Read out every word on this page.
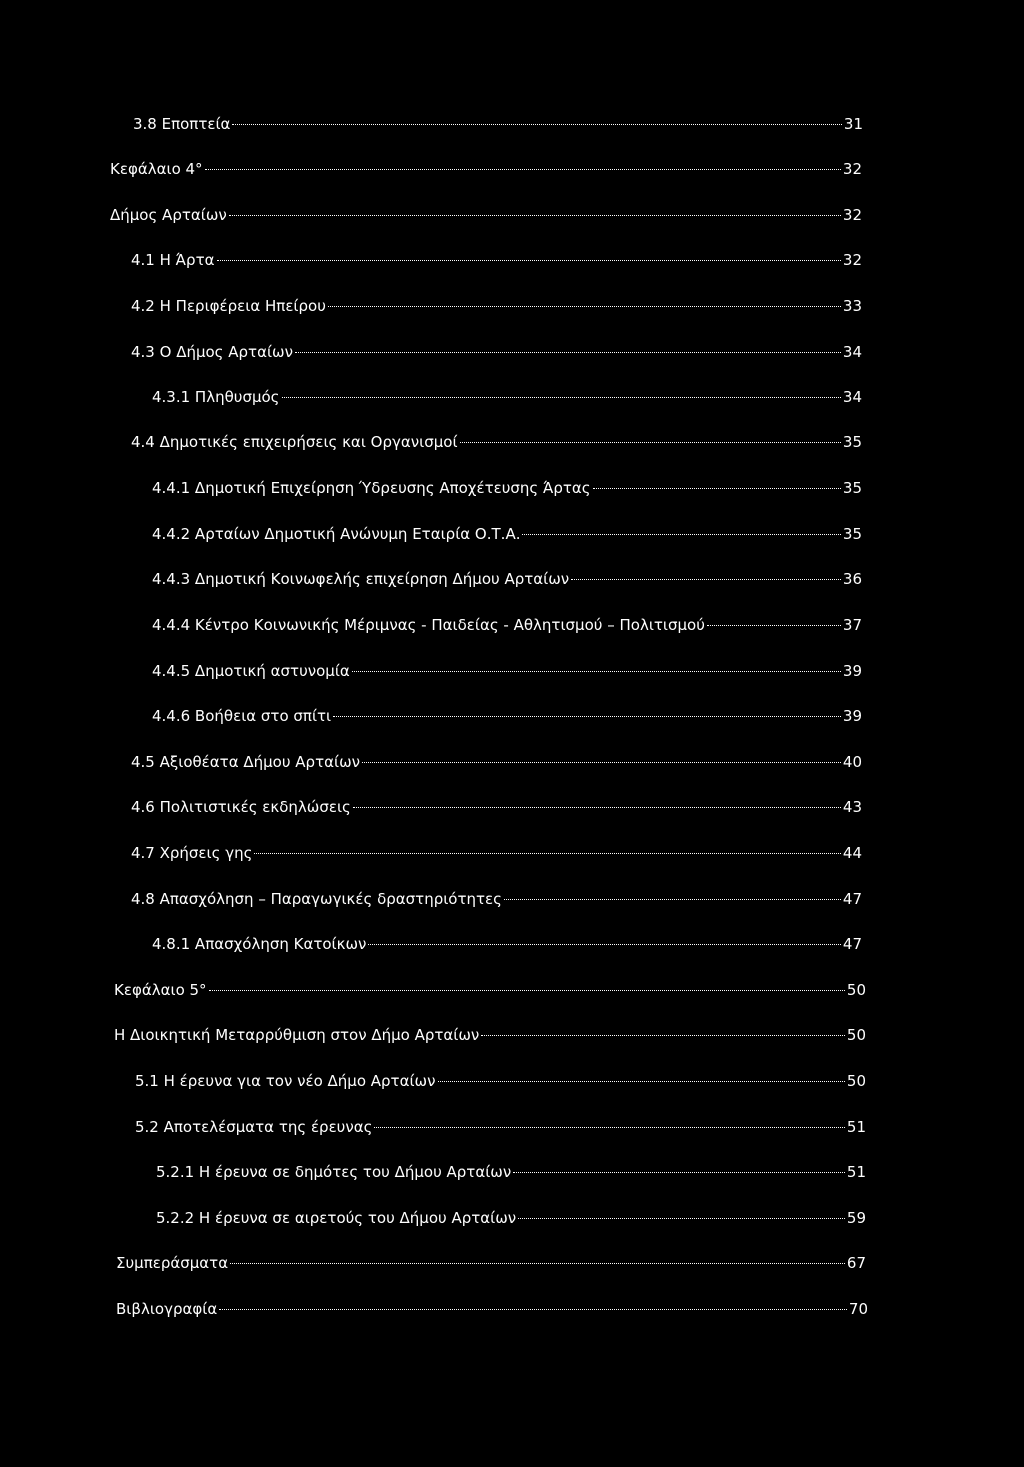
3.8 Εποπτεία	31
Κεφάλαιο 4°	32
Δήμος Αρταίων	32
4.1 Η Άρτα	32
4.2 Η Περιφέρεια Ηπείρου	33
4.3 Ο Δήμος Αρταίων	34
4.3.1 Πληθυσμός	34
4.4 Δημοτικές επιχειρήσεις και Οργανισμοί	35
4.4.1 Δημοτική Επιχείρηση Ύδρευσης Αποχέτευσης Άρτας	35
4.4.2 Αρταίων Δημοτική Ανώνυμη Εταιρία Ο.Τ.Α.	35
4.4.3 Δημοτική Κοινωφελής επιχείρηση Δήμου Αρταίων	36
4.4.4 Κέντρο Κοινωνικής Μέριμνας - Παιδείας - Αθλητισμού – Πολιτισμού	37
4.4.5 Δημοτική αστυνομία	39
4.4.6 Βοήθεια στο σπίτι	39
4.5 Αξιοθέατα Δήμου Αρταίων	40
4.6 Πολιτιστικές εκδηλώσεις	43
4.7 Χρήσεις γης	44
4.8 Απασχόληση – Παραγωγικές δραστηριότητες	47
4.8.1 Απασχόληση Κατοίκων	47
Κεφάλαιο 5°	50
Η Διοικητική Μεταρρύθμιση στον Δήμο Αρταίων	50
5.1 Η έρευνα για τον νέο Δήμο Αρταίων	50
5.2 Αποτελέσματα της έρευνας	51
5.2.1 Η έρευνα σε δημότες του Δήμου Αρταίων	51
5.2.2 Η έρευνα σε αιρετούς του Δήμου Αρταίων	59
Συμπεράσματα	67
Βιβλιογραφία	70
